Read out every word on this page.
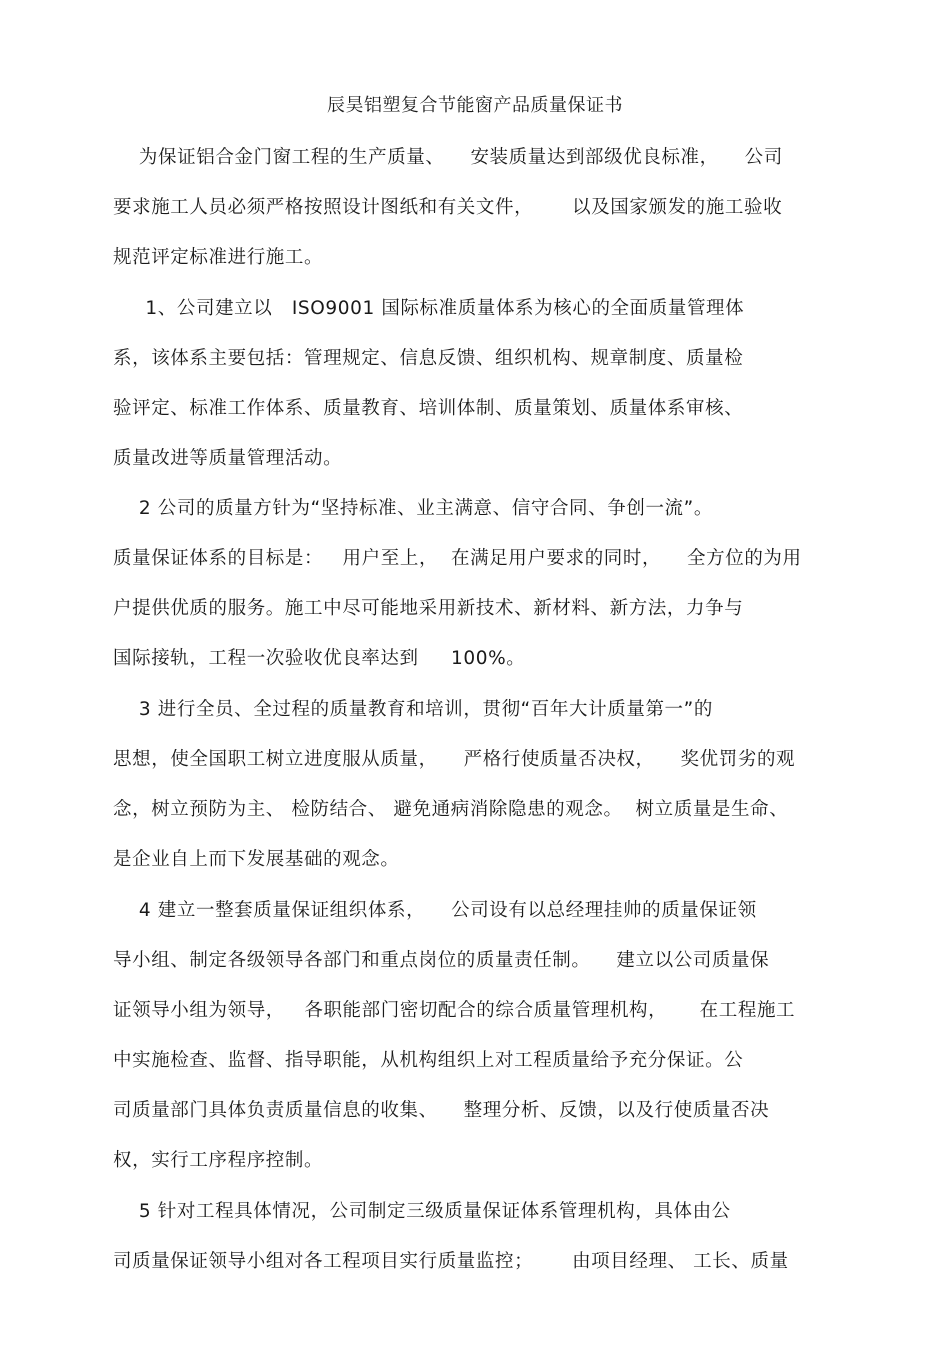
辰昊铝塑复合节能窗产品质量保证书
为保证铝合金门窗工程的生产质量、    安装质量达到部级优良标准，    公司
要求施工人员必须严格按照设计图纸和有关文件，      以及国家颁发的施工验收
规范评定标准进行施工。
1、公司建立以   ISO9001 国际标准质量体系为核心的全面质量管理体
系，该体系主要包括：管理规定、信息反馈、组织机构、规章制度、质量检
验评定、标准工作体系、质量教育、培训体制、质量策划、质量体系审核、
质量改进等质量管理活动。
2 公司的质量方针为“坚持标准、业主满意、信守合同、争创一流”。
质量保证体系的目标是：   用户至上，  在满足用户要求的同时，    全方位的为用
户提供优质的服务。施工中尽可能地采用新技术、新材料、新方法，力争与
国际接轨，工程一次验收优良率达到     100%。
3 进行全员、全过程的质量教育和培训，贯彻“百年大计质量第一”的
思想，使全国职工树立进度服从质量，    严格行使质量否决权，    奖优罚劣的观
念，树立预防为主、 检防结合、 避免通病消除隐患的观念。  树立质量是生命、
是企业自上而下发展基础的观念。
4 建立一整套质量保证组织体系，    公司设有以总经理挂帅的质量保证领
导小组、制定各级领导各部门和重点岗位的质量责任制。    建立以公司质量保
证领导小组为领导，   各职能部门密切配合的综合质量管理机构，     在工程施工
中实施检查、监督、指导职能，从机构组织上对工程质量给予充分保证。公
司质量部门具体负责质量信息的收集、    整理分析、反馈，以及行使质量否决
权，实行工序程序控制。
5 针对工程具体情况，公司制定三级质量保证体系管理机构，具体由公
司质量保证领导小组对各工程项目实行质量监控；      由项目经理、 工长、质量
